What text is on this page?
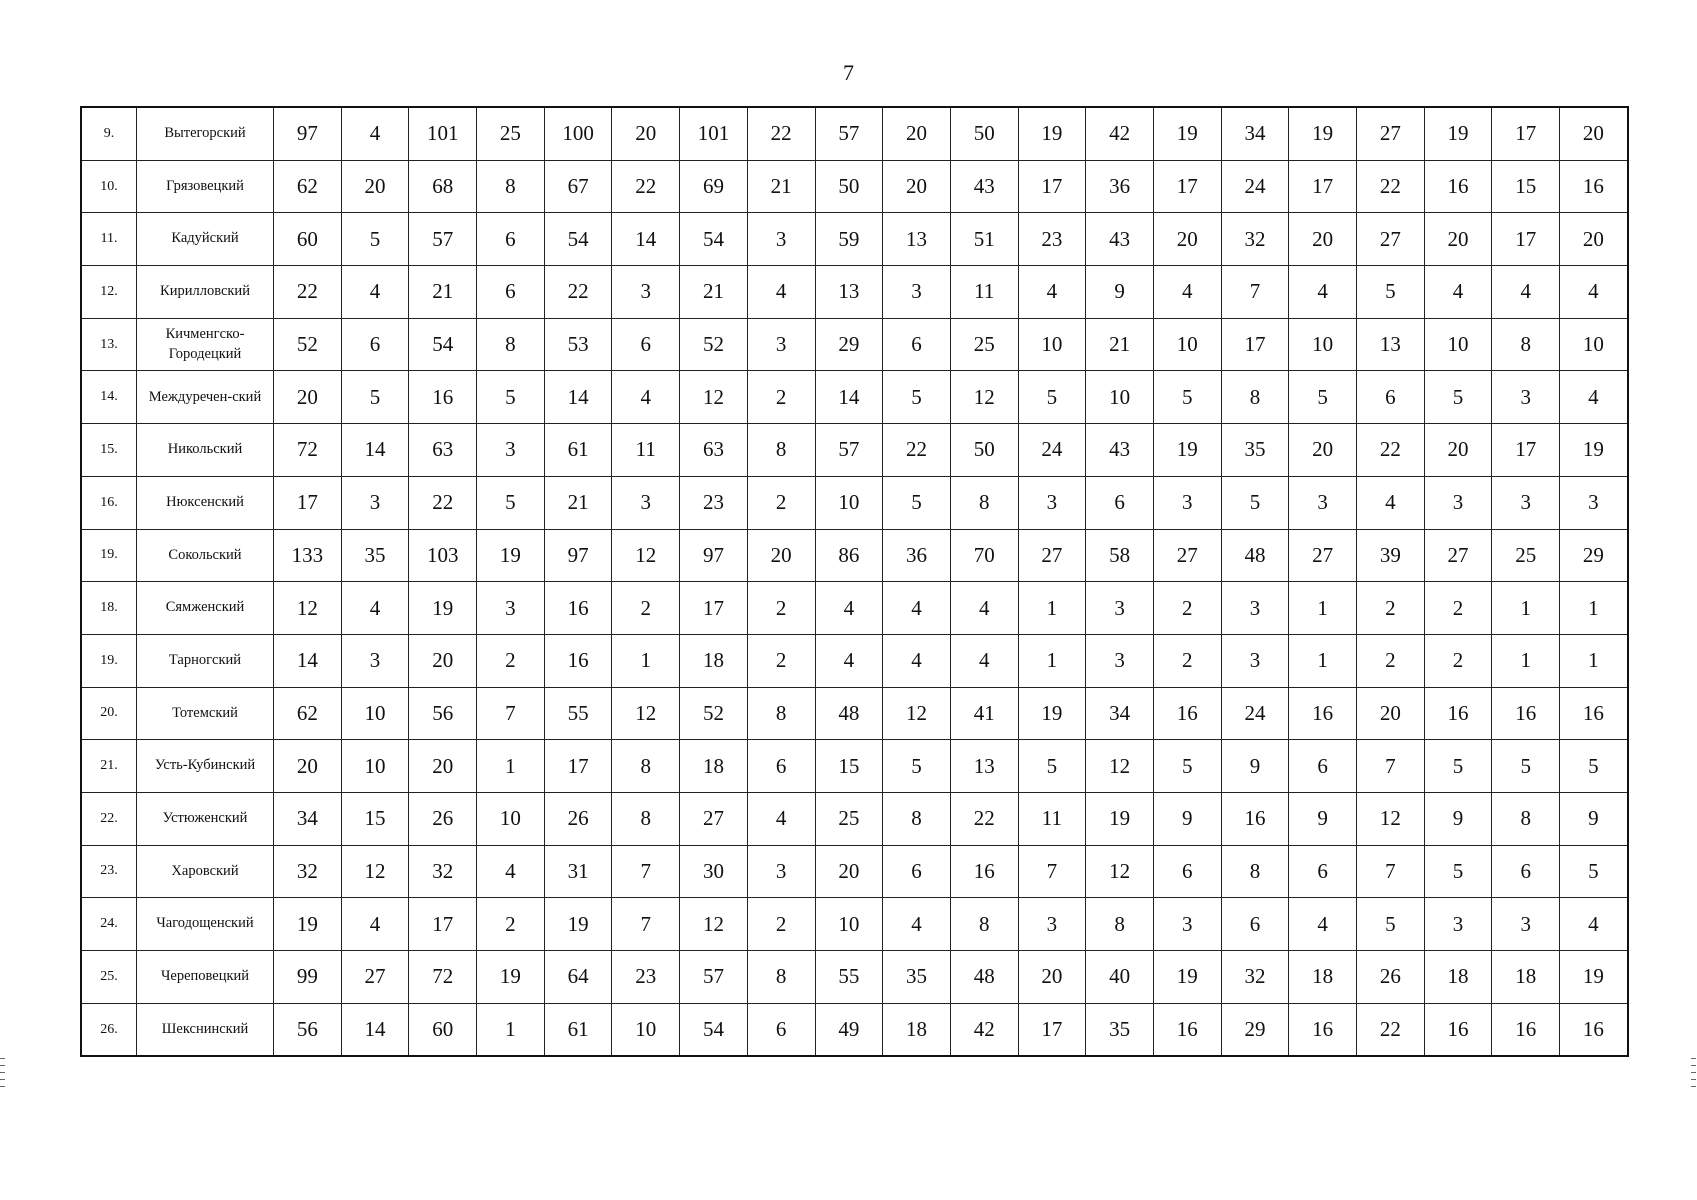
7
9.	Вытегорский	97	4	101	25	100	20	101	22	57	20	50	19	42	19	34	19	27	19	17	20
10.	Грязовецкий	62	20	68	8	67	22	69	21	50	20	43	17	36	17	24	17	22	16	15	16
11.	Кадуйский	60	5	57	6	54	14	54	3	59	13	51	23	43	20	32	20	27	20	17	20
12.	Кирилловский	22	4	21	6	22	3	21	4	13	3	11	4	9	4	7	4	5	4	4	4
13.	Кичменгско-Городецкий	52	6	54	8	53	6	52	3	29	6	25	10	21	10	17	10	13	10	8	10
14.	Междуречен-ский	20	5	16	5	14	4	12	2	14	5	12	5	10	5	8	5	6	5	3	4
15.	Никольский	72	14	63	3	61	11	63	8	57	22	50	24	43	19	35	20	22	20	17	19
16.	Нюксенский	17	3	22	5	21	3	23	2	10	5	8	3	6	3	5	3	4	3	3	3
19.	Сокольский	133	35	103	19	97	12	97	20	86	36	70	27	58	27	48	27	39	27	25	29
18.	Сямженский	12	4	19	3	16	2	17	2	4	4	4	1	3	2	3	1	2	2	1	1
19.	Тарногский	14	3	20	2	16	1	18	2	4	4	4	1	3	2	3	1	2	2	1	1
20.	Тотемский	62	10	56	7	55	12	52	8	48	12	41	19	34	16	24	16	20	16	16	16
21.	Усть-Кубинский	20	10	20	1	17	8	18	6	15	5	13	5	12	5	9	6	7	5	5	5
22.	Устюженский	34	15	26	10	26	8	27	4	25	8	22	11	19	9	16	9	12	9	8	9
23.	Харовский	32	12	32	4	31	7	30	3	20	6	16	7	12	6	8	6	7	5	6	5
24.	Чагодощенский	19	4	17	2	19	7	12	2	10	4	8	3	8	3	6	4	5	3	3	4
25.	Череповецкий	99	27	72	19	64	23	57	8	55	35	48	20	40	19	32	18	26	18	18	19
26.	Шекснинский	56	14	60	1	61	10	54	6	49	18	42	17	35	16	29	16	22	16	16	16
